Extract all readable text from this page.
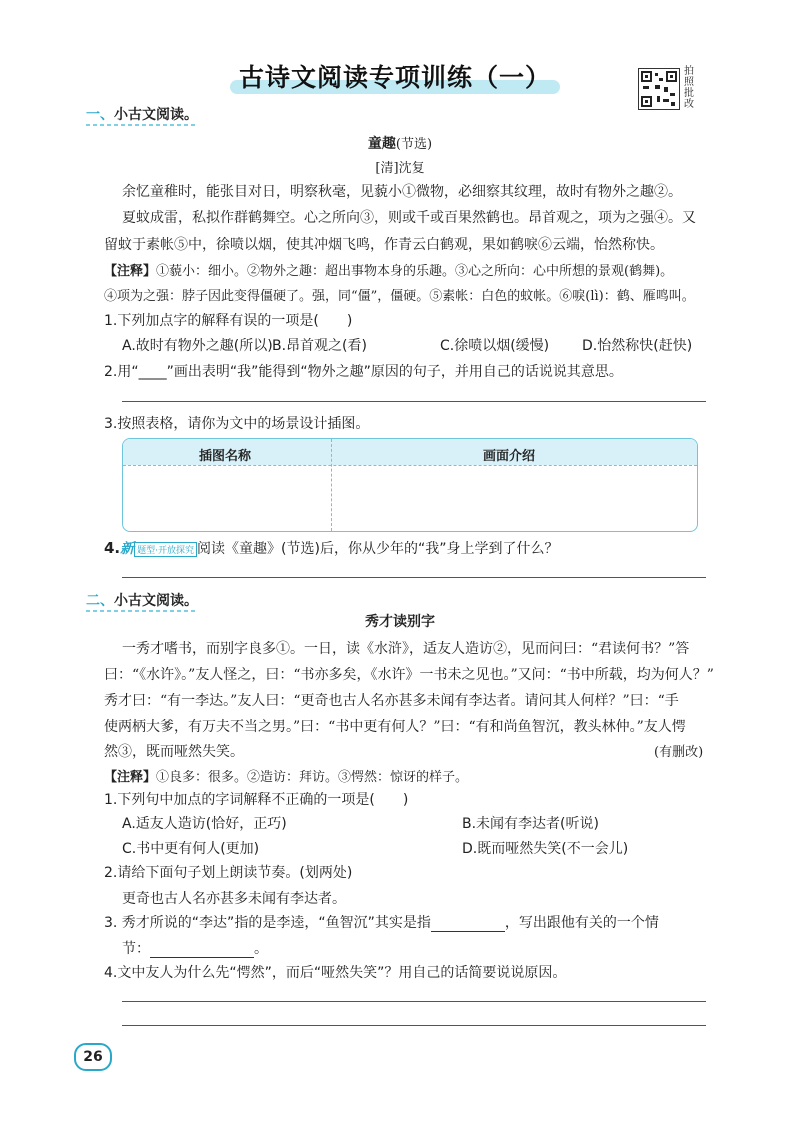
古诗文阅读专项训练（一）	拍照批改
一、小古文阅读。
童趣(节选)
[清]沈复
余忆童稚时，能张目对日，明察秋毫，见藐小①微物，必细察其纹理，故时有物外之趣②。
夏蚊成雷，私拟作群鹤舞空。心之所向③，则或千或百果然鹤也。昂首观之，项为之强④。又
留蚊于素帐⑤中，徐喷以烟，使其冲烟飞鸣，作青云白鹤观，果如鹤唳⑥云端，怡然称快。
【注释】①藐小：细小。②物外之趣：超出事物本身的乐趣。③心之所向：心中所想的景观(鹤舞)。
④项为之强：脖子因此变得僵硬了。强，同“僵”，僵硬。⑤素帐：白色的蚊帐。⑥唳(lì)：鹤、雁鸣叫。
1.下列加点字的解释有误的一项是(　　)
A.故时有物外之趣(所以) B.昂首观之(看)	C.徐喷以烟(缓慢) D.怡然称快(赶快)
2.用“____”画出表明“我”能得到“物外之趣”原因的句子，并用自己的话说说其意思。
3.按照表格，请你为文中的场景设计插图。
插图名称	画面介绍
4.新 题型·开放探究 阅读《童趣》(节选)后，你从少年的“我”身上学到了什么？
二、小古文阅读。
秀才读别字
一秀才嗜书，而别字良多①。一日，读《水浒》，适友人造访②，见而问曰：“君读何书？”答
曰：“《水许》。”友人怪之，曰：“书亦多矣，《水许》一书未之见也。”又问：“书中所载，均为何人？”
秀才曰：“有一李达。”友人曰：“更奇也古人名亦甚多未闻有李达者。请问其人何样？”曰：“手
使两柄大爹，有万夫不当之男。”曰：“书中更有何人？”曰：“有和尚鱼智沉，教头林仲。”友人愕
然③，既而哑然失笑。	(有删改)
【注释】①良多：很多。②造访：拜访。③愕然：惊讶的样子。
1.下列句中加点的字词解释不正确的一项是(　　)
A.适友人造访(恰好，正巧)	B.未闻有李达者(听说)
C.书中更有何人(更加)	D.既而哑然失笑(不一会儿)
2.请给下面句子划上朗读节奏。(划两处)
更奇也古人名亦甚多未闻有李达者。
3. 秀才所说的“李达”指的是李逵，“鱼智沉”其实是指	，写出跟他有关的一个情
节：	。
4.文中友人为什么先“愕然”，而后“哑然失笑”？用自己的话简要说说原因。
26
